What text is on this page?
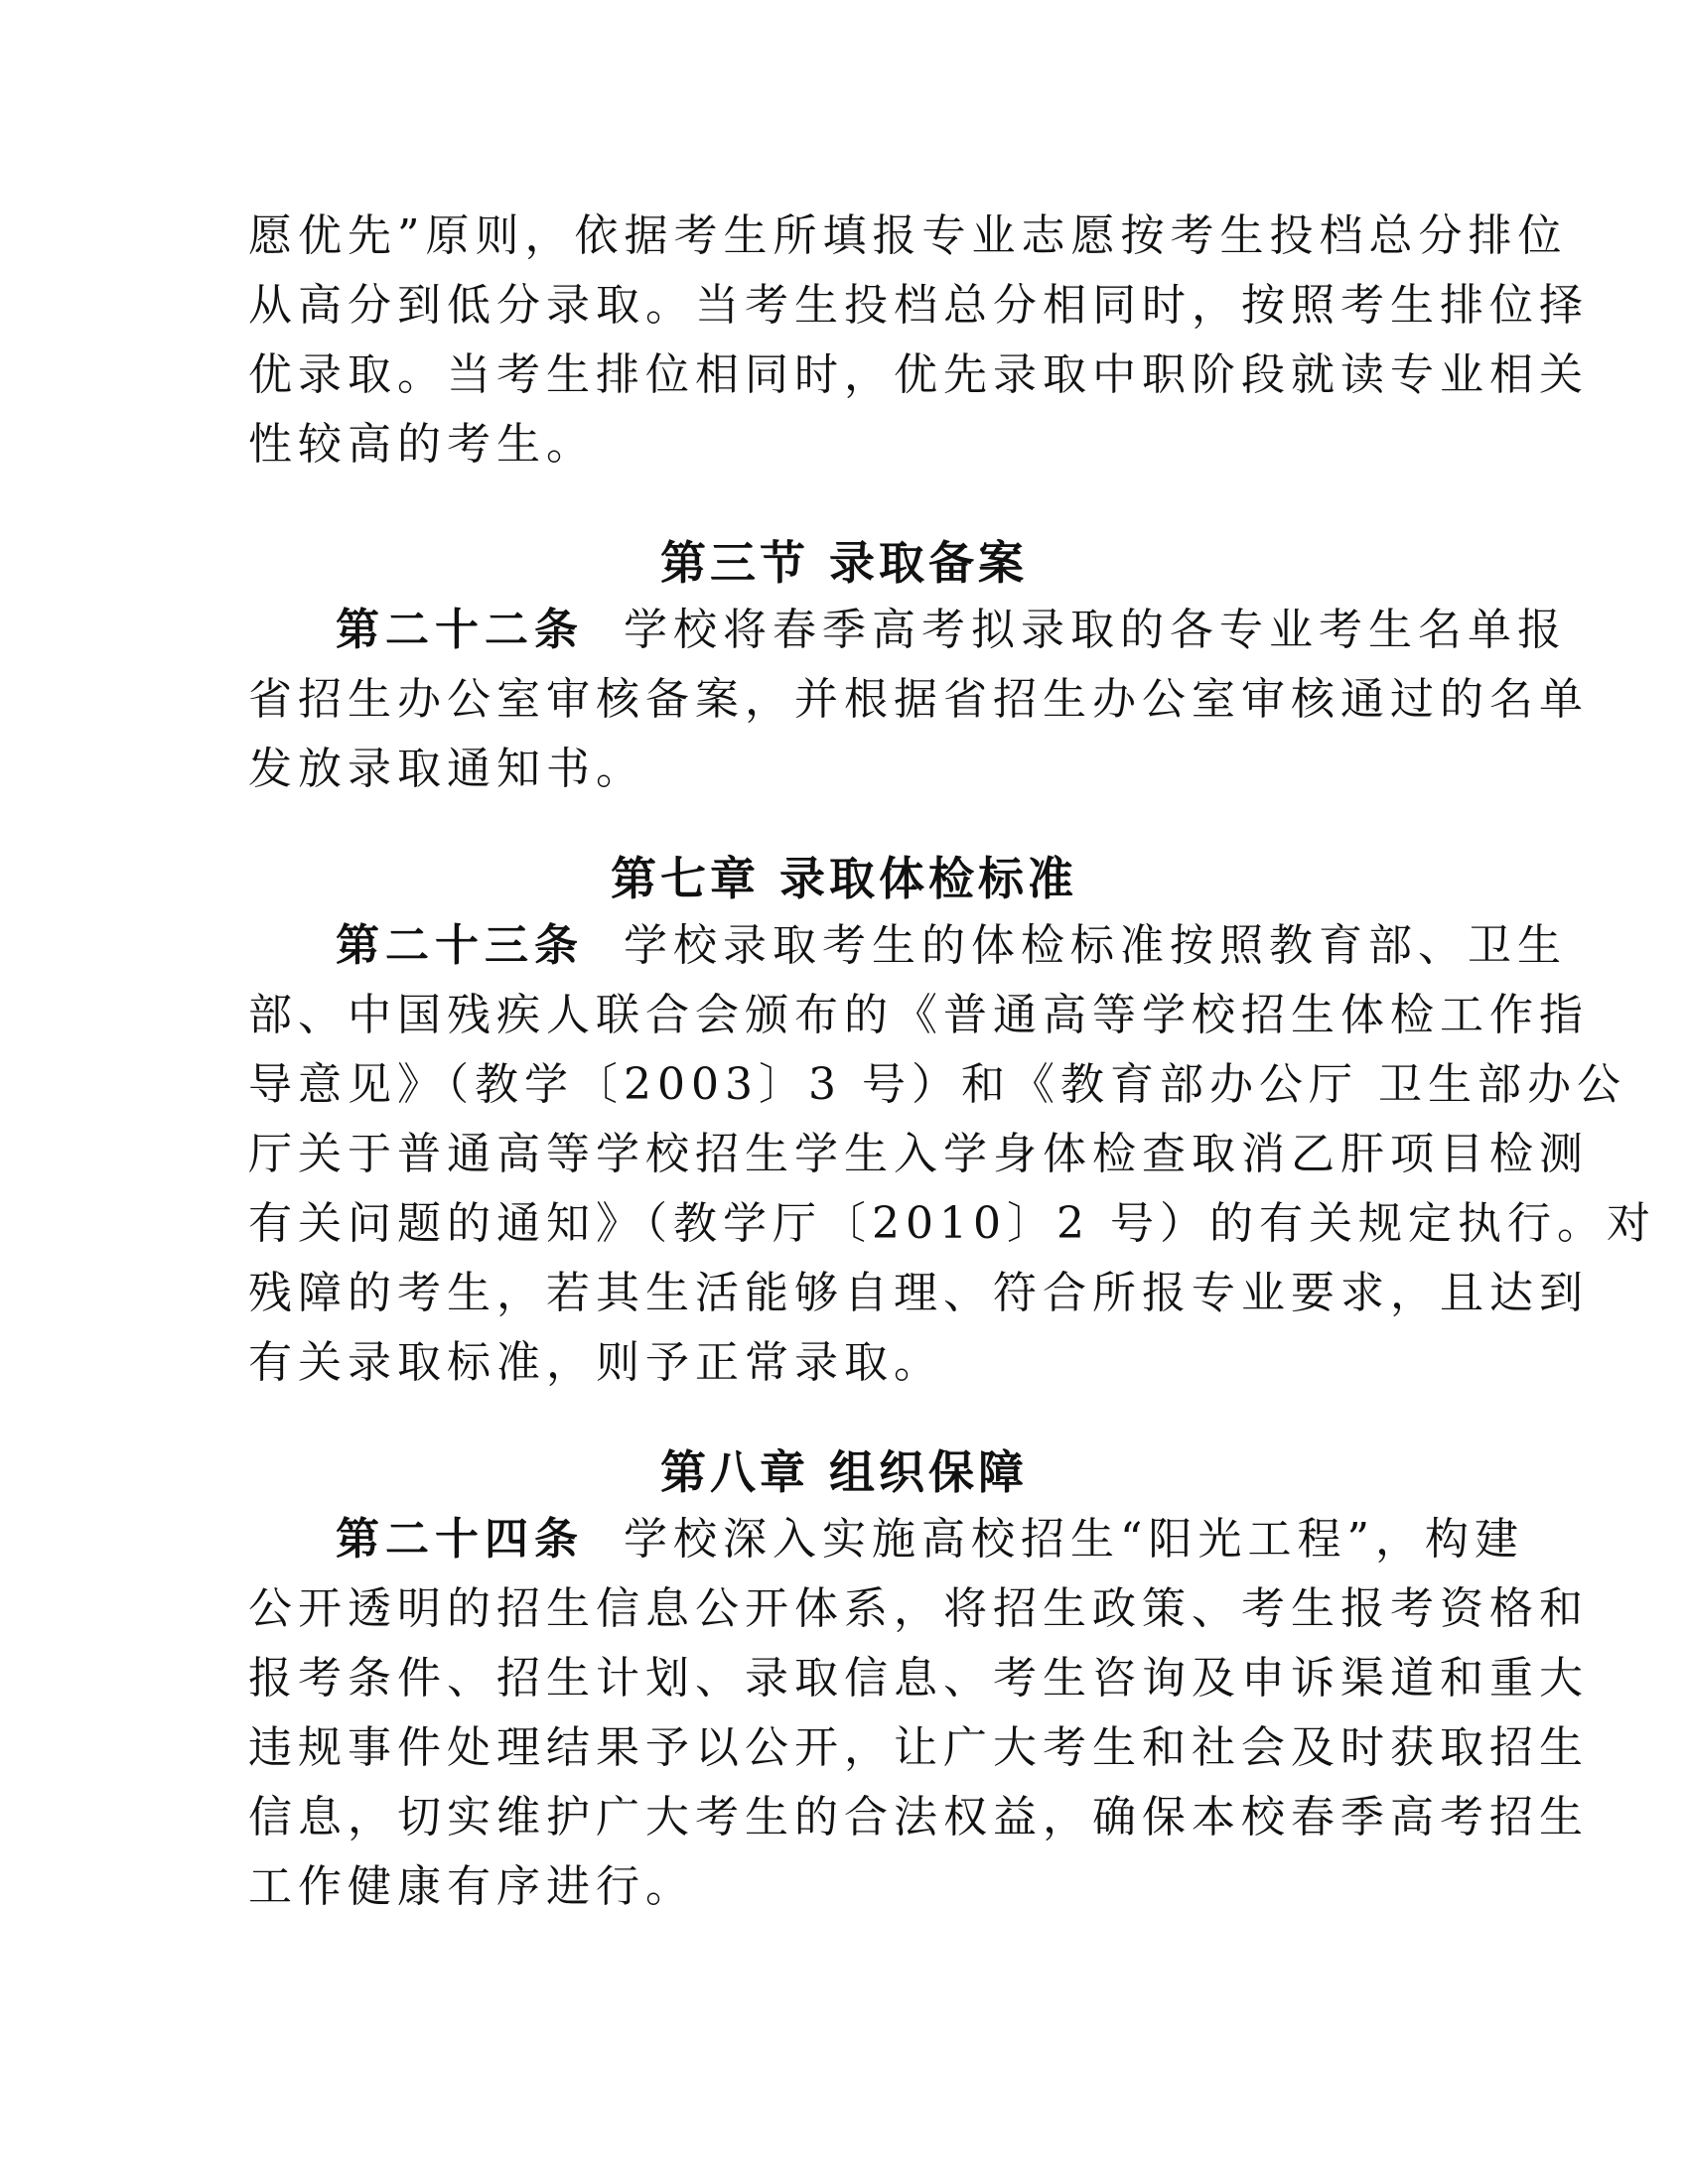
愿优先”原则，依据考生所填报专业志愿按考生投档总分排位
从高分到低分录取。当考生投档总分相同时，按照考生排位择
优录取。当考生排位相同时，优先录取中职阶段就读专业相关
性较高的考生。
第三节 录取备案
第二十二条 学校将春季高考拟录取的各专业考生名单报
省招生办公室审核备案，并根据省招生办公室审核通过的名单
发放录取通知书。
第七章 录取体检标准
第二十三条 学校录取考生的体检标准按照教育部、卫生
部、中国残疾人联合会颁布的《普通高等学校招生体检工作指
导意见》（教学〔2003〕3 号）和《教育部办公厅 卫生部办公
厅关于普通高等学校招生学生入学身体检查取消乙肝项目检测
有关问题的通知》（教学厅〔2010〕2 号）的有关规定执行。对
残障的考生，若其生活能够自理、符合所报专业要求，且达到
有关录取标准，则予正常录取。
第八章 组织保障
第二十四条 学校深入实施高校招生“阳光工程”，构建
公开透明的招生信息公开体系，将招生政策、考生报考资格和
报考条件、招生计划、录取信息、考生咨询及申诉渠道和重大
违规事件处理结果予以公开，让广大考生和社会及时获取招生
信息，切实维护广大考生的合法权益，确保本校春季高考招生
工作健康有序进行。
